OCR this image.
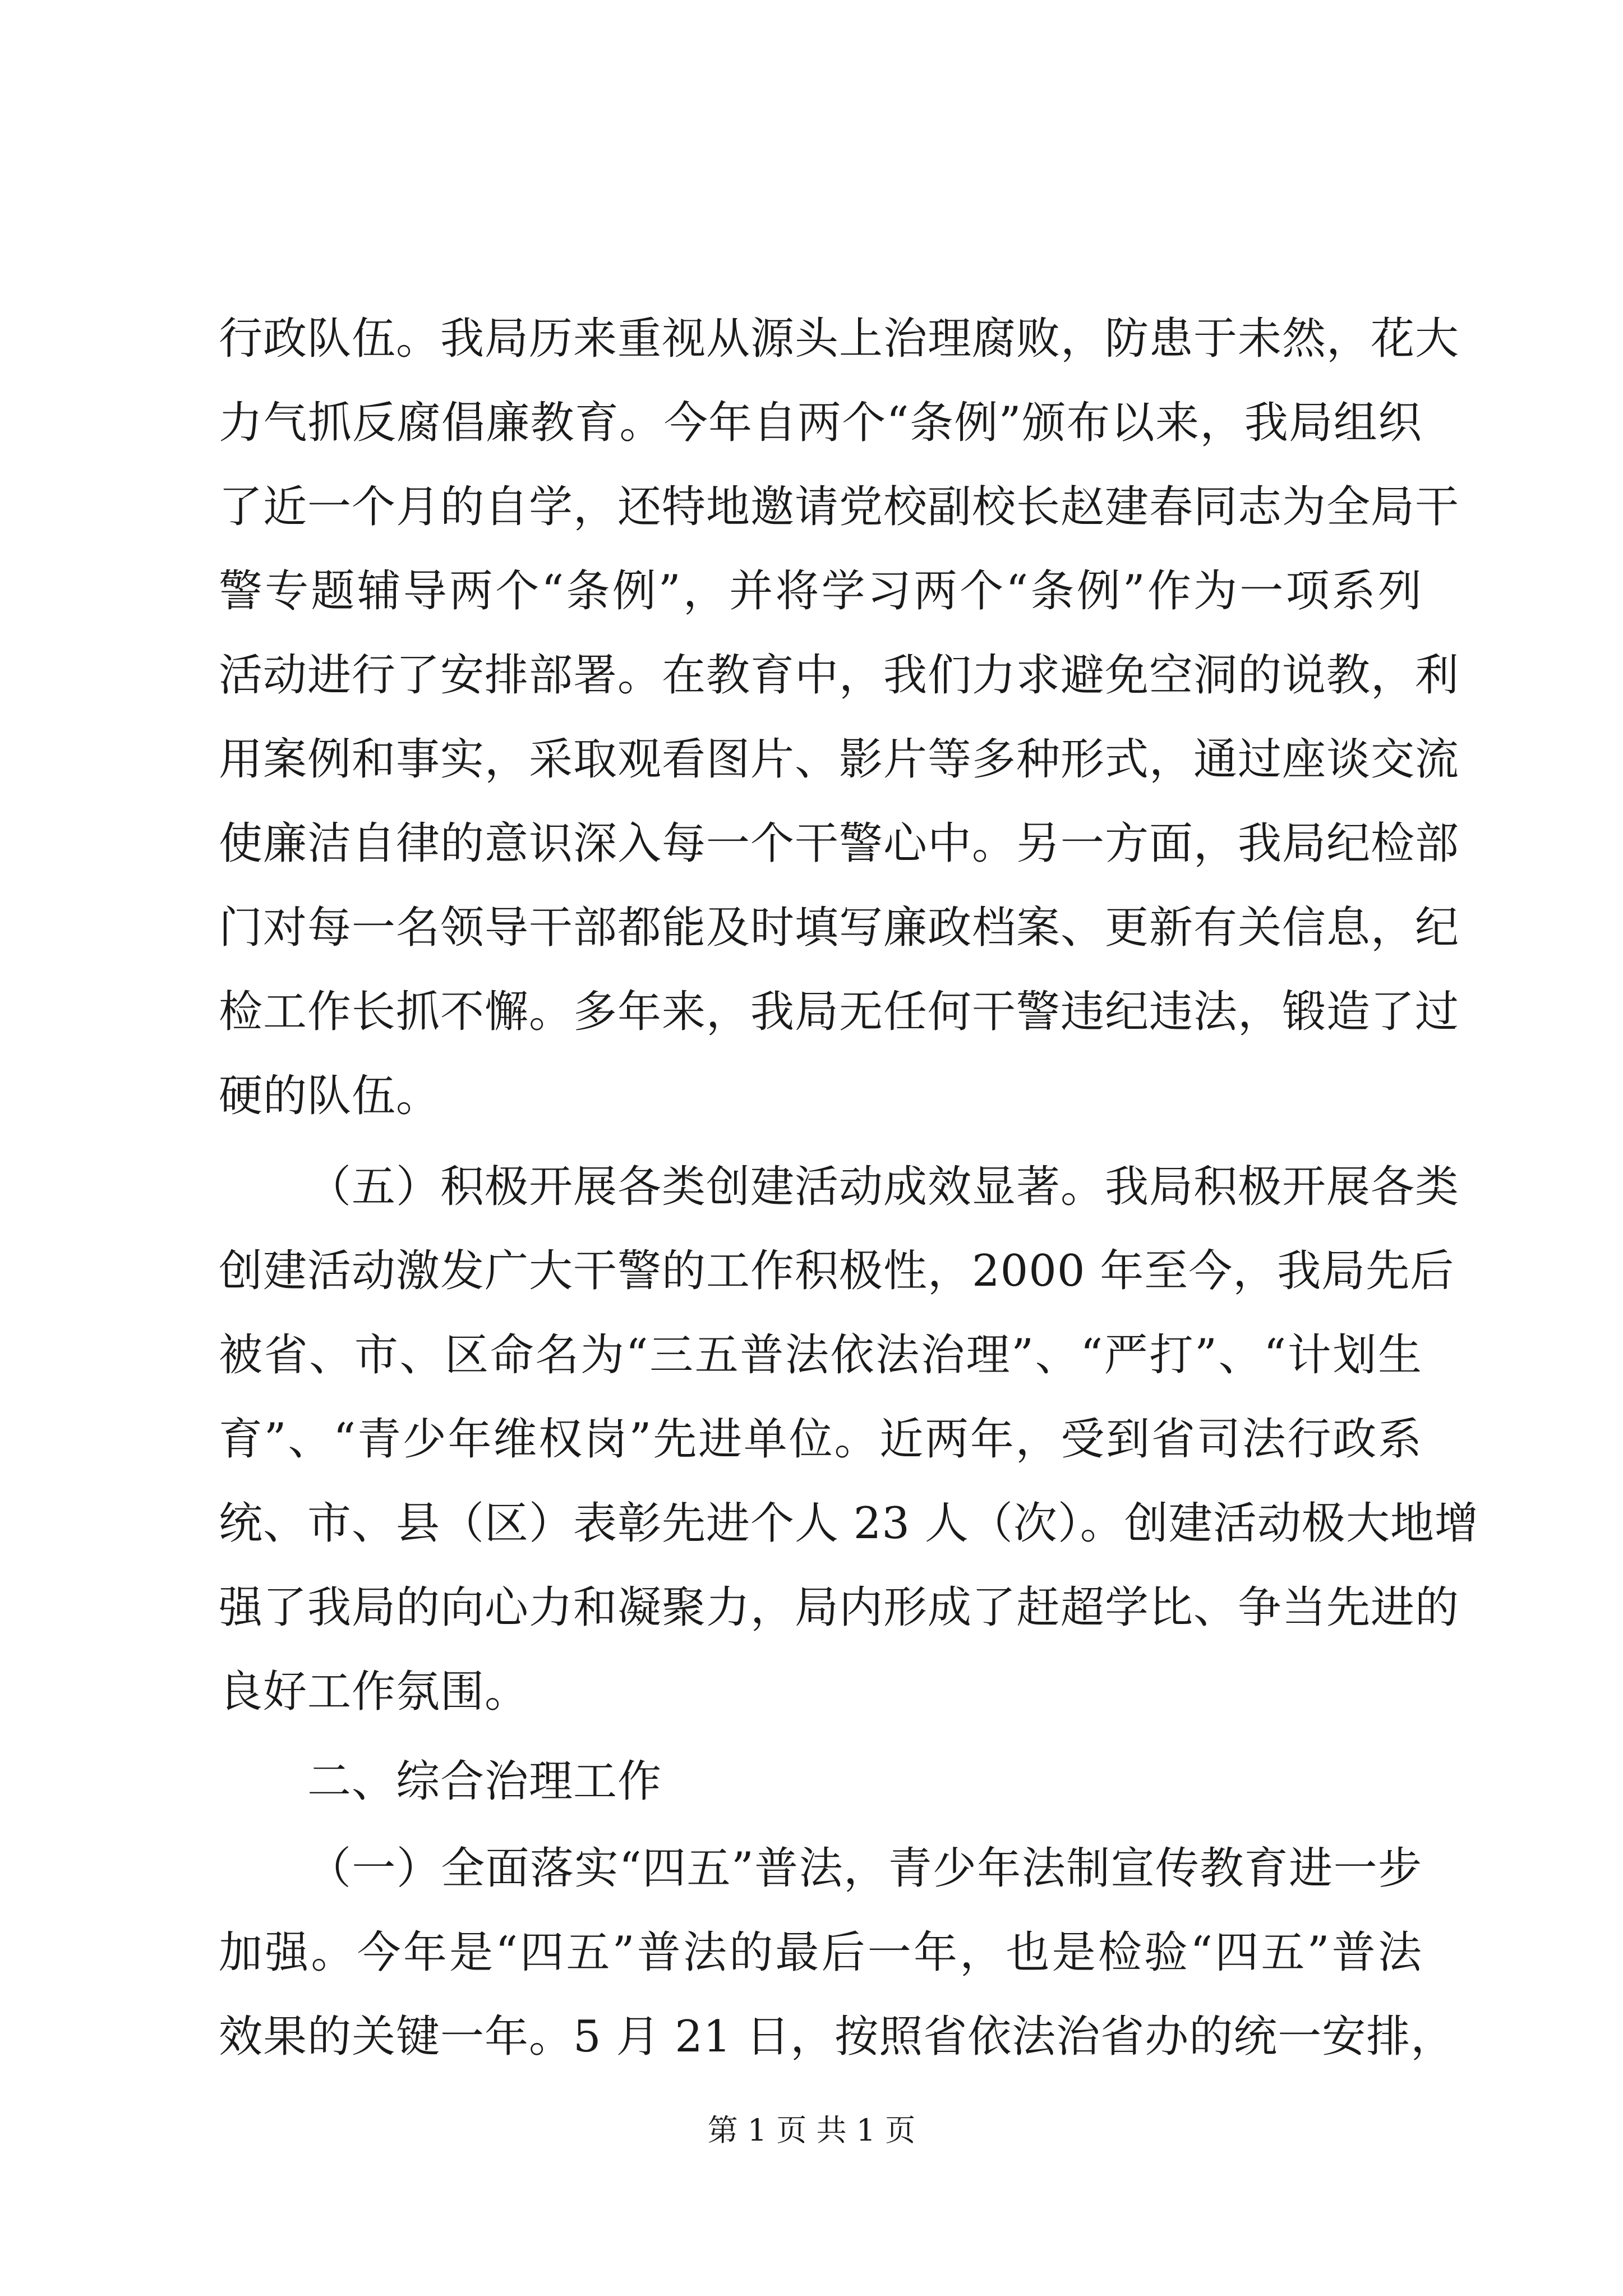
行政队伍。我局历来重视从源头上治理腐败，防患于未然，花大
力气抓反腐倡廉教育。今年自两个“条例”颁布以来，我局组织
了近一个月的自学，还特地邀请党校副校长赵建春同志为全局干
警专题辅导两个“条例”，并将学习两个“条例”作为一项系列
活动进行了安排部署。在教育中，我们力求避免空洞的说教，利
用案例和事实，采取观看图片、影片等多种形式，通过座谈交流
使廉洁自律的意识深入每一个干警心中。另一方面，我局纪检部
门对每一名领导干部都能及时填写廉政档案、更新有关信息，纪
检工作长抓不懈。多年来，我局无任何干警违纪违法，锻造了过
硬的队伍。
（五）积极开展各类创建活动成效显著。我局积极开展各类
创建活动激发广大干警的工作积极性，2000 年至今，我局先后
被省、市、区命名为“三五普法依法治理”、“严打”、“计划生
育”、“青少年维权岗”先进单位。近两年，受到省司法行政系
统、市、县（区）表彰先进个人 23 人（次）。创建活动极大地增
强了我局的向心力和凝聚力，局内形成了赶超学比、争当先进的
良好工作氛围。
二、综合治理工作
（一）全面落实“四五”普法，青少年法制宣传教育进一步
加强。今年是“四五”普法的最后一年，也是检验“四五”普法
效果的关键一年。5 月 21 日，按照省依法治省办的统一安排，
第 1 页 共 1 页
